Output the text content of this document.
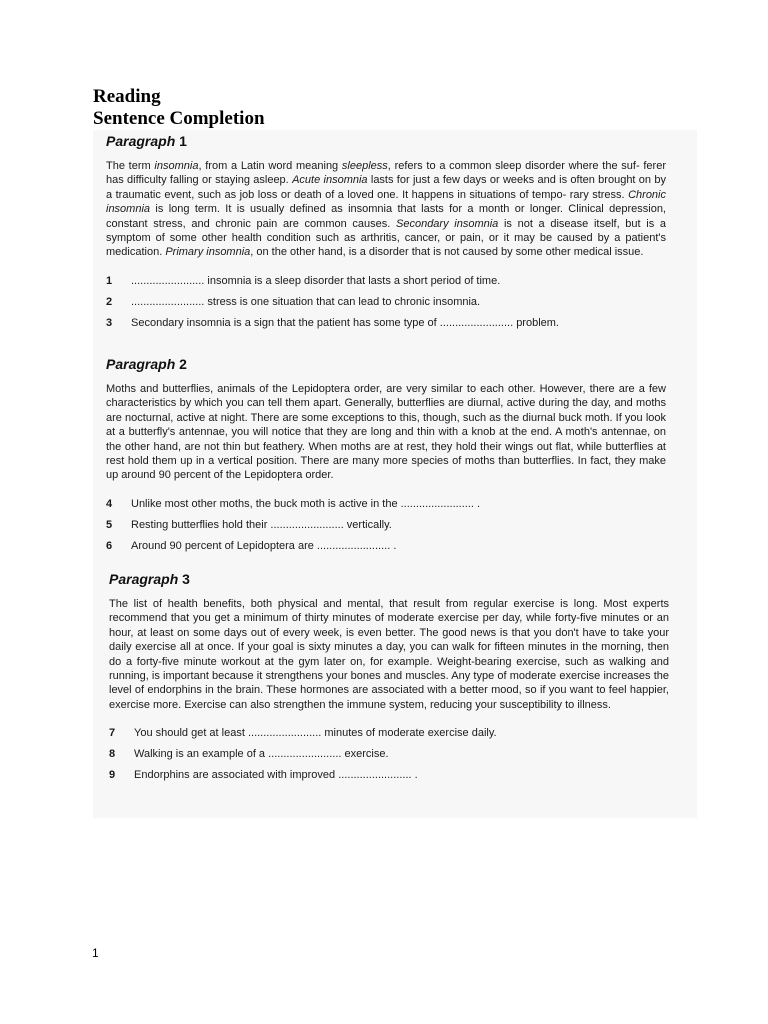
Reading
Sentence Completion
Paragraph 1

The term insomnia, from a Latin word meaning sleepless, refers to a common sleep disorder where the suf- ferer has difficulty falling or staying asleep. Acute insomnia lasts for just a few days or weeks and is often brought on by a traumatic event, such as job loss or death of a loved one. It happens in situations of tempo- rary stress. Chronic insomnia is long term. It is usually defined as insomnia that lasts for a month or longer. Clinical depression, constant stress, and chronic pain are common causes. Secondary insomnia is not a disease itself, but is a symptom of some other health condition such as arthritis, cancer, or pain, or it may be caused by a patient's medication. Primary insomnia, on the other hand, is a disorder that is not caused by some other medical issue.

1	........................ insomnia is a sleep disorder that lasts a short period of time.
2	........................ stress is one situation that can lead to chronic insomnia.
3	Secondary insomnia is a sign that the patient has some type of ........................ problem.
Paragraph 2

Moths and butterflies, animals of the Lepidoptera order, are very similar to each other. However, there are a few characteristics by which you can tell them apart. Generally, butterflies are diurnal, active during the day, and moths are nocturnal, active at night. There are some exceptions to this, though, such as the diurnal buck moth. If you look at a butterfly's antennae, you will notice that they are long and thin with a knob at the end. A moth's antennae, on the other hand, are not thin but feathery. When moths are at rest, they hold their wings out flat, while butterflies at rest hold them up in a vertical position. There are many more species of moths than butterflies. In fact, they make up around 90 percent of the Lepidoptera order.

4	Unlike most other moths, the buck moth is active in the ........................ .
5	Resting butterflies hold their ........................ vertically.
6	Around 90 percent of Lepidoptera are ........................ .
Paragraph 3

The list of health benefits, both physical and mental, that result from regular exercise is long. Most experts recommend that you get a minimum of thirty minutes of moderate exercise per day, while forty-five minutes or an hour, at least on some days out of every week, is even better. The good news is that you don't have to take your daily exercise all at once. If your goal is sixty minutes a day, you can walk for fifteen minutes in the morning, then do a forty-five minute workout at the gym later on, for example. Weight-bearing exercise, such as walking and running, is important because it strengthens your bones and muscles. Any type of moderate exercise increases the level of endorphins in the brain. These hormones are associated with a better mood, so if you want to feel happier, exercise more. Exercise can also strengthen the immune system, reducing your susceptibility to illness.

7	You should get at least ........................ minutes of moderate exercise daily.
8	Walking is an example of a ........................ exercise.
9	Endorphins are associated with improved ........................ .
1
